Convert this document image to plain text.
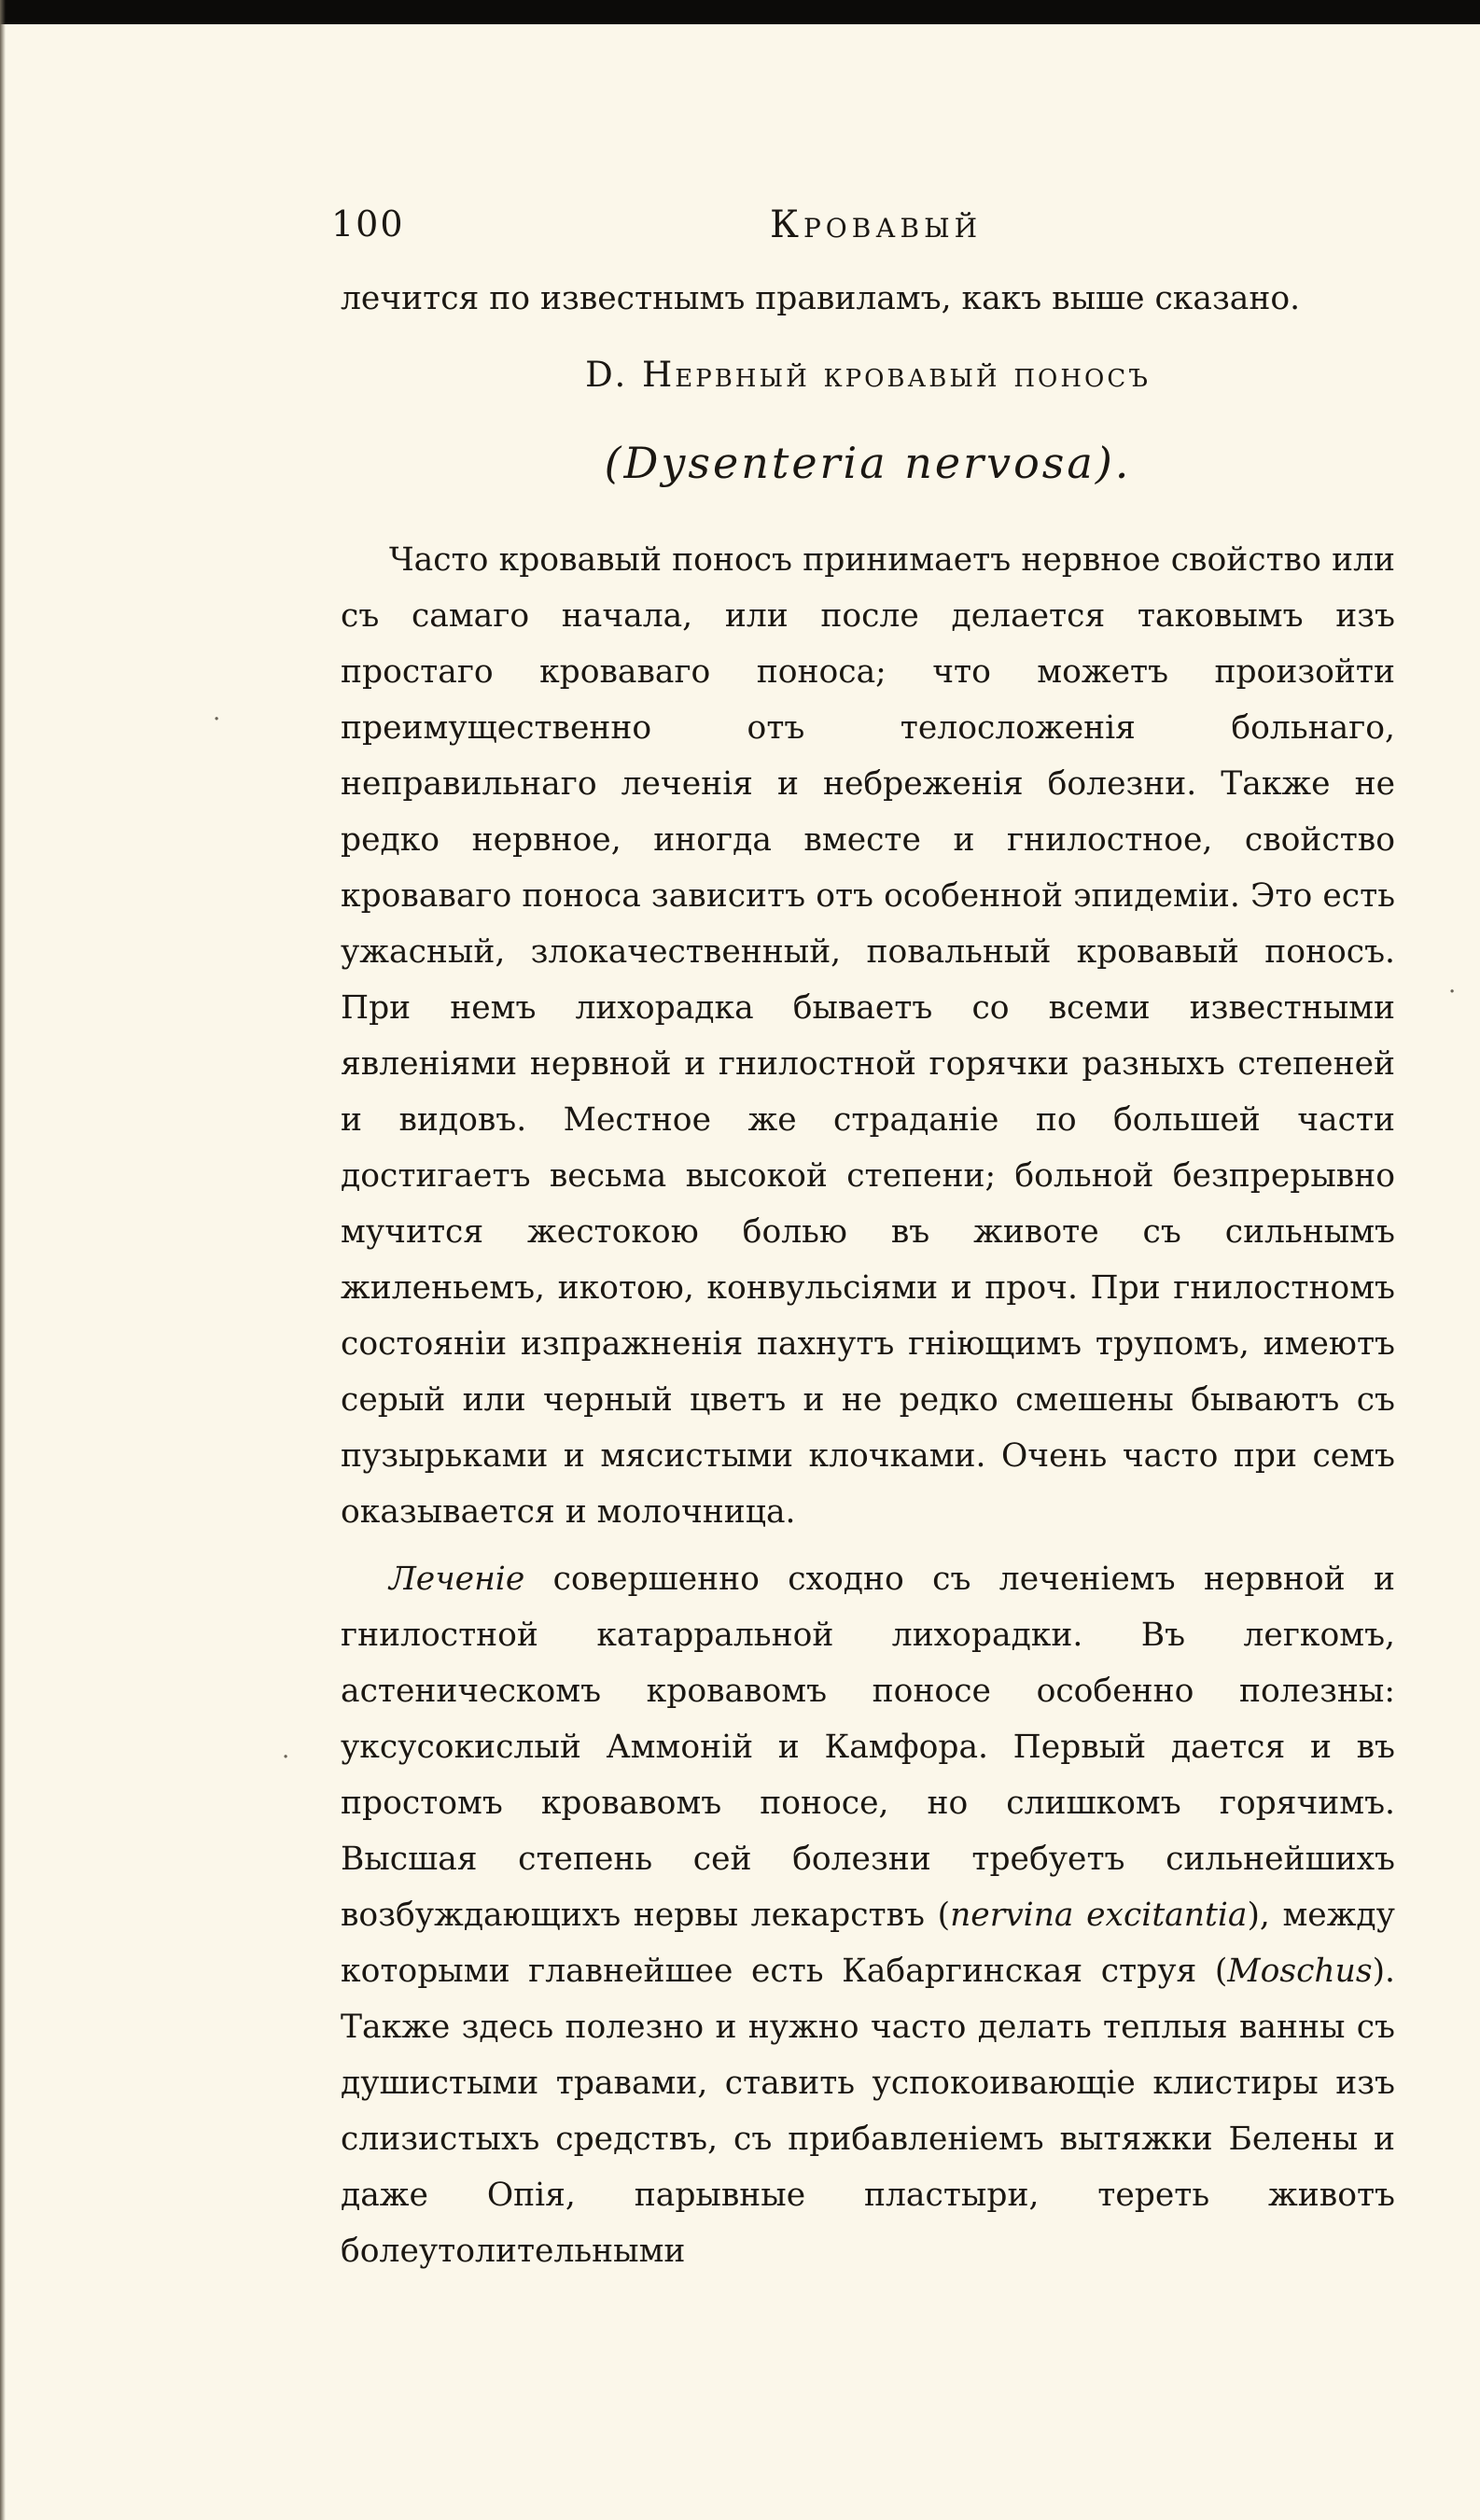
100	Кровавый

лечится по известнымъ правиламъ, какъ выше сказано.

D. Нервный кровавый поносъ
(Dysenteria nervosa).

Часто кровавый поносъ принимаетъ нервное свойство или съ самаго начала, или после делается таковымъ изъ простаго кроваваго поноса; что можетъ произойти преимущественно отъ телосложенія больнаго, неправильнаго леченія и небреженія болезни. Также не редко нервное, иногда вместе и гнилостное, свойство кроваваго поноса зависитъ отъ особенной эпидеміи. Это есть ужасный, злокачественный, повальный кровавый поносъ. При немъ лихорадка бываетъ со всеми известными явленіями нервной и гнилостной горячки разныхъ степеней и видовъ. Местное же страданіе по большей части достигаетъ весьма высокой степени; больной безпрерывно мучится жестокою болью въ животе съ сильнымъ жиленьемъ, икотою, конвульсіями и проч. При гнилостномъ состояніи изпражненія пахнутъ гніющимъ трупомъ, имеютъ серый или черный цветъ и не редко смешены бываютъ съ пузырьками и мясистыми клочками. Очень часто при семъ оказывается и молочница.

Леченіе совершенно сходно съ леченіемъ нервной и гнилостной катарральной лихорадки. Въ легкомъ, астеническомъ кровавомъ поносе особенно полезны: уксусокислый Аммоній и Камфора. Первый дается и въ простомъ кровавомъ поносе, но слишкомъ горячимъ. Высшая степень сей болезни требуетъ сильнейшихъ возбуждающихъ нервы лекарствъ (nervina excitantia), между которыми главнейшее есть Кабаргинская струя (Moschus). Также здесь полезно и нужно часто делать теплыя ванны съ душистыми травами, ставить успокоивающіе клистиры изъ слизистыхъ средствъ, съ прибавленіемъ вытяжки Белены и даже Опія, парывные пластыри, тереть животъ болеутолительными

·
·
·
